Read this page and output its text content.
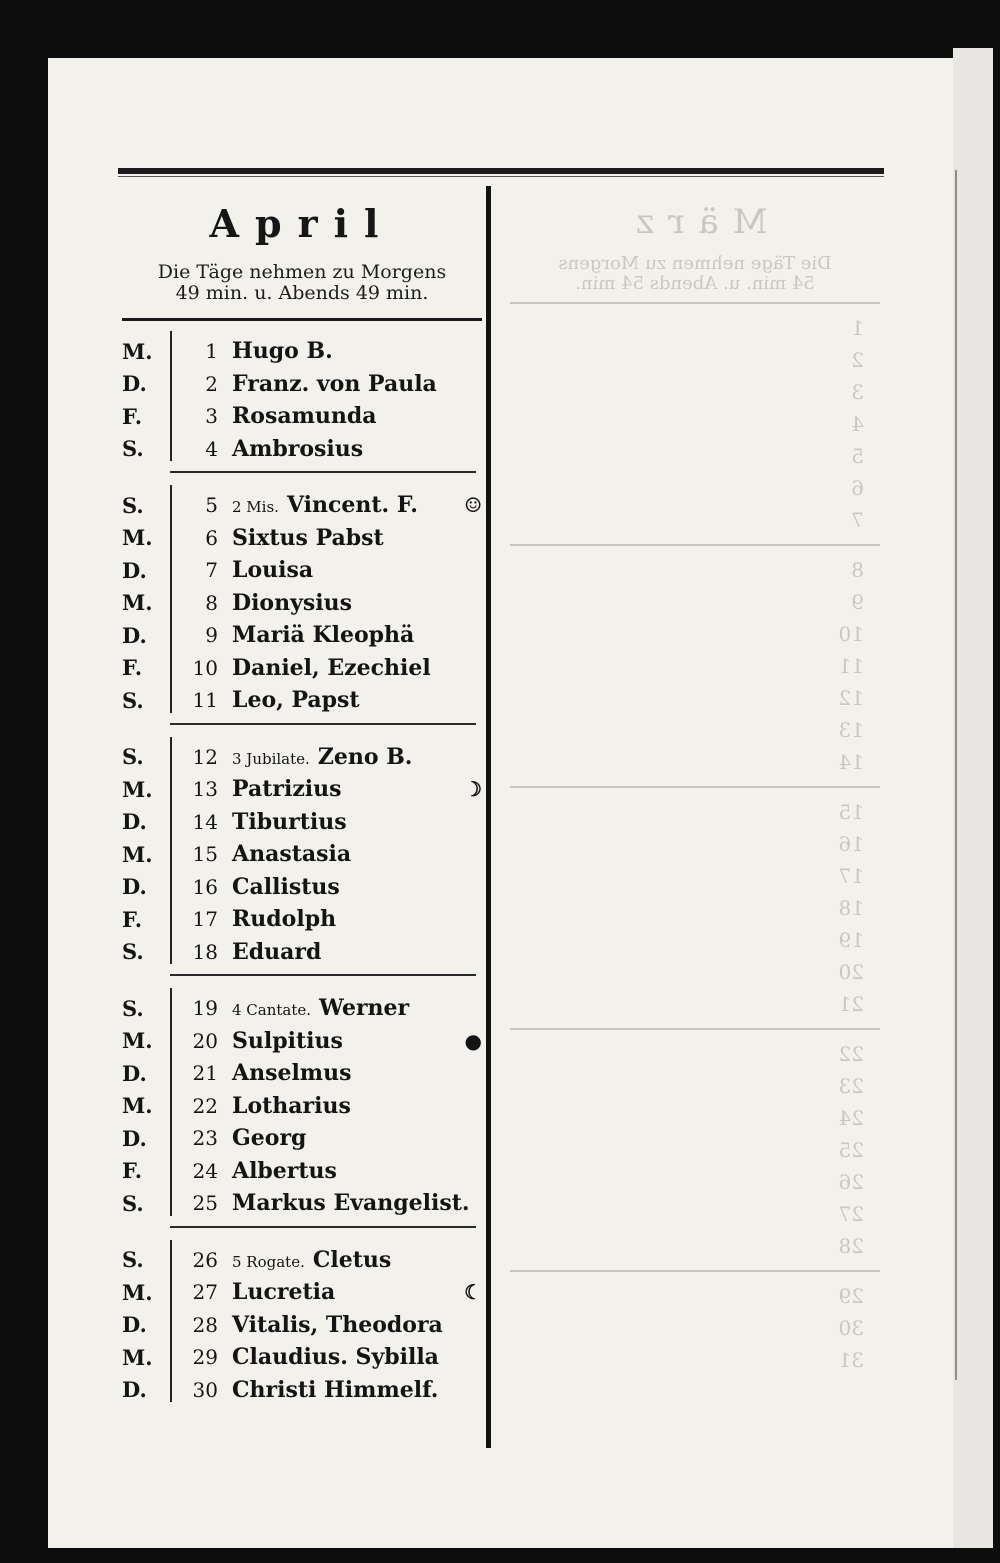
März
Die Täge nehmen zu Morgens
54 min. u. Abends 54 min.
1
2
3
4
5
6
7
8
9
10
11
12
13
14
15
16
17
18
19
20
21
22
23
24
25
26
27
28
29
30
31
April
Die Täge nehmen zu Morgens
49 min. u. Abends 49 min.
M.	1 Hugo B.
D.	2 Franz. von Paula
F.	3 Rosamunda
S.	4 Ambrosius
S.	5 2 Mis. Vincent. F.	☺
M.	6 Sixtus Pabst
D.	7 Louisa
M.	8 Dionysius
D.	9 Mariä Kleophä
F.	10 Daniel, Ezechiel
S.	11 Leo, Papst
S.	12 3 Jubilate. Zeno B.
M.	13 Patrizius	☽
D.	14 Tiburtius
M.	15 Anastasia
D.	16 Callistus
F.	17 Rudolph
S.	18 Eduard
S.	19 4 Cantate. Werner
M.	20 Sulpitius	●
D.	21 Anselmus
M.	22 Lotharius
D.	23 Georg
F.	24 Albertus
S.	25 Markus Evangelist.
S.	26 5 Rogate. Cletus
M.	27 Lucretia	☾
D.	28 Vitalis, Theodora
M.	29 Claudius. Sybilla
D.	30 Christi Himmelf.
